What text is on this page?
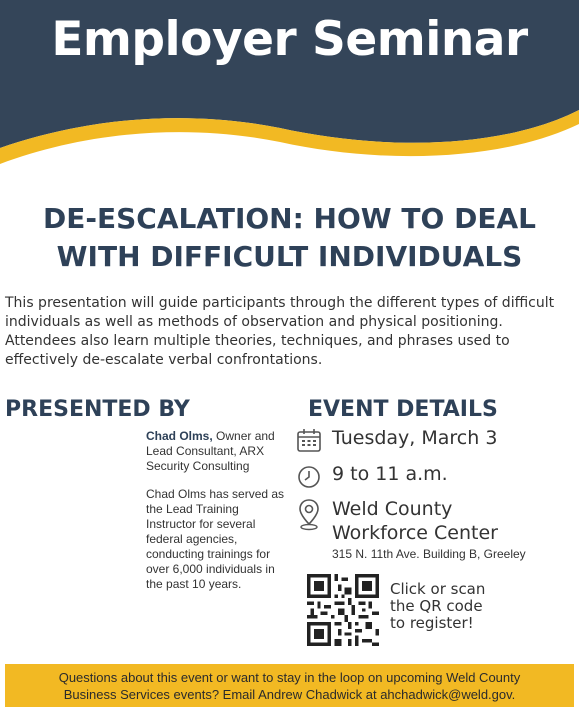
Employer Seminar
DE-ESCALATION: HOW TO DEAL
WITH DIFFICULT INDIVIDUALS

This presentation will guide participants through the different types of difficult individuals as well as methods of observation and physical positioning. Attendees also learn multiple theories, techniques, and phrases used to effectively de-escalate verbal confrontations.

PRESENTED BY	EVENT DETAILS
Chad Olms, Owner and Lead Consultant, ARX Security Consulting
Chad Olms has served as the Lead Training Instructor for several federal agencies, conducting trainings for over 6,000 individuals in the past 10 years.
Tuesday, March 3
9 to 11 a.m.
Weld County
Workforce Center
315 N. 11th Ave. Building B, Greeley
Click or scan
the QR code
to register!
Questions about this event or want to stay in the loop on upcoming Weld County
Business Services events? Email Andrew Chadwick at ahchadwick@weld.gov.
